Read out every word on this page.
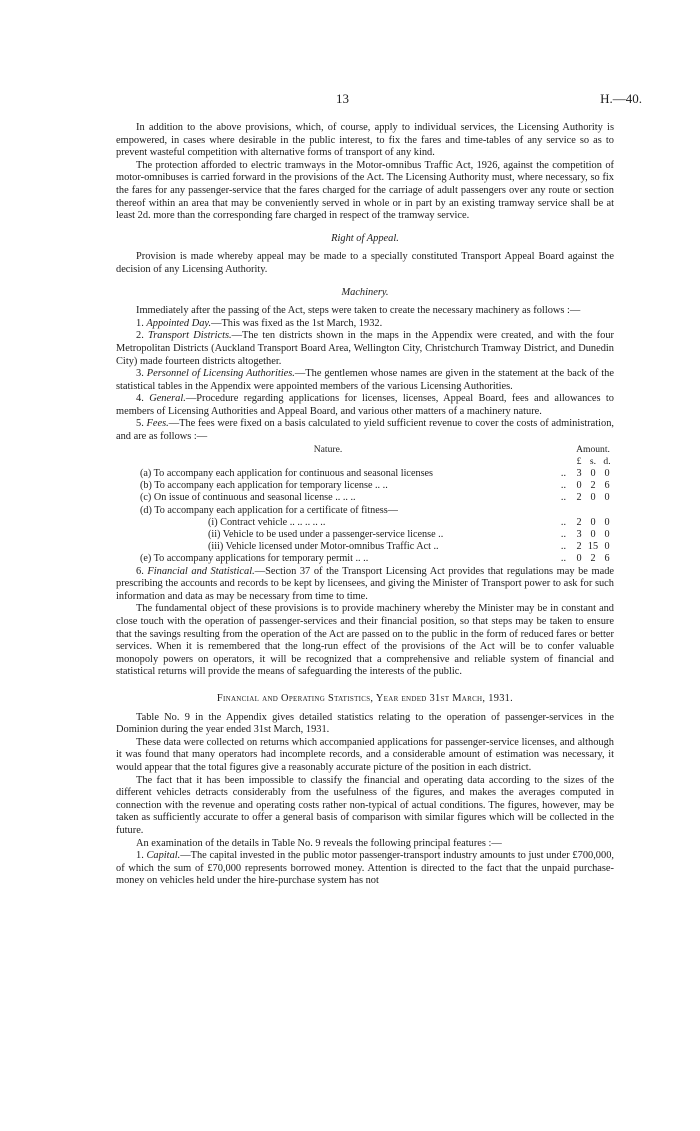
13	H.—40.

In addition to the above provisions, which, of course, apply to individual services, the Licensing Authority is empowered, in cases where desirable in the public interest, to fix the fares and time-tables of any service so as to prevent wasteful competition with alternative forms of transport of any kind.

The protection afforded to electric tramways in the Motor-omnibus Traffic Act, 1926, against the competition of motor-omnibuses is carried forward in the provisions of the Act. The Licensing Authority must, where necessary, so fix the fares for any passenger-service that the fares charged for the carriage of adult passengers over any route or section thereof within an area that may be conveniently served in whole or in part by an existing tramway service shall be at least 2d. more than the corresponding fare charged in respect of the tramway service.

Right of Appeal.

Provision is made whereby appeal may be made to a specially constituted Transport Appeal Board against the decision of any Licensing Authority.

Machinery.

Immediately after the passing of the Act, steps were taken to create the necessary machinery as follows :—

1. Appointed Day.—This was fixed as the 1st March, 1932.

2. Transport Districts.—The ten districts shown in the maps in the Appendix were created, and with the four Metropolitan Districts (Auckland Transport Board Area, Wellington City, Christchurch Tramway District, and Dunedin City) made fourteen districts altogether.

3. Personnel of Licensing Authorities.—The gentlemen whose names are given in the statement at the back of the statistical tables in the Appendix were appointed members of the various Licensing Authorities.

4. General.—Procedure regarding applications for licenses, licenses, Appeal Board, fees and allowances to members of Licensing Authorities and Appeal Board, and various other matters of a machinery nature.

5. Fees.—The fees were fixed on a basis calculated to yield sufficient revenue to cover the costs of administration, and are as follows :—

Nature.		Amount.		
		£	s.	d.
(a) To accompany each application for continuous and seasonal licenses	..	3	0	0
(b) To accompany each application for temporary license .. ..	..	0	2	6
(c) On issue of continuous and seasonal license .. .. ..	..	2	0	0
(d) To accompany each application for a certificate of fitness—				
(i) Contract vehicle .. .. .. .. ..	..	2	0	0
(ii) Vehicle to be used under a passenger-service license ..	..	3	0	0
(iii) Vehicle licensed under Motor-omnibus Traffic Act ..	..	2	15	0
(e) To accompany applications for temporary permit .. ..	..	0	2	6

6. Financial and Statistical.—Section 37 of the Transport Licensing Act provides that regulations may be made prescribing the accounts and records to be kept by licensees, and giving the Minister of Transport power to ask for such information and data as may be necessary from time to time.

The fundamental object of these provisions is to provide machinery whereby the Minister may be in constant and close touch with the operation of passenger-services and their financial position, so that steps may be taken to ensure that the savings resulting from the operation of the Act are passed on to the public in the form of reduced fares or better services. When it is remembered that the long-run effect of the provisions of the Act will be to confer valuable monopoly powers on operators, it will be recognized that a comprehensive and reliable system of financial and statistical returns will provide the means of safeguarding the interests of the public.

Financial and Operating Statistics, Year ended 31st March, 1931.

Table No. 9 in the Appendix gives detailed statistics relating to the operation of passenger-services in the Dominion during the year ended 31st March, 1931.

These data were collected on returns which accompanied applications for passenger-service licenses, and although it was found that many operators had incomplete records, and a considerable amount of estimation was necessary, it would appear that the total figures give a reasonably accurate picture of the position in each district.

The fact that it has been impossible to classify the financial and operating data according to the sizes of the different vehicles detracts considerably from the usefulness of the figures, and makes the averages computed in connection with the revenue and operating costs rather non-typical of actual conditions. The figures, however, may be taken as sufficiently accurate to offer a general basis of comparison with similar figures which will be collected in the future.

An examination of the details in Table No. 9 reveals the following principal features :—

1. Capital.—The capital invested in the public motor passenger-transport industry amounts to just under £700,000, of which the sum of £70,000 represents borrowed money. Attention is directed to the fact that the unpaid purchase-money on vehicles held under the hire-purchase system has not
